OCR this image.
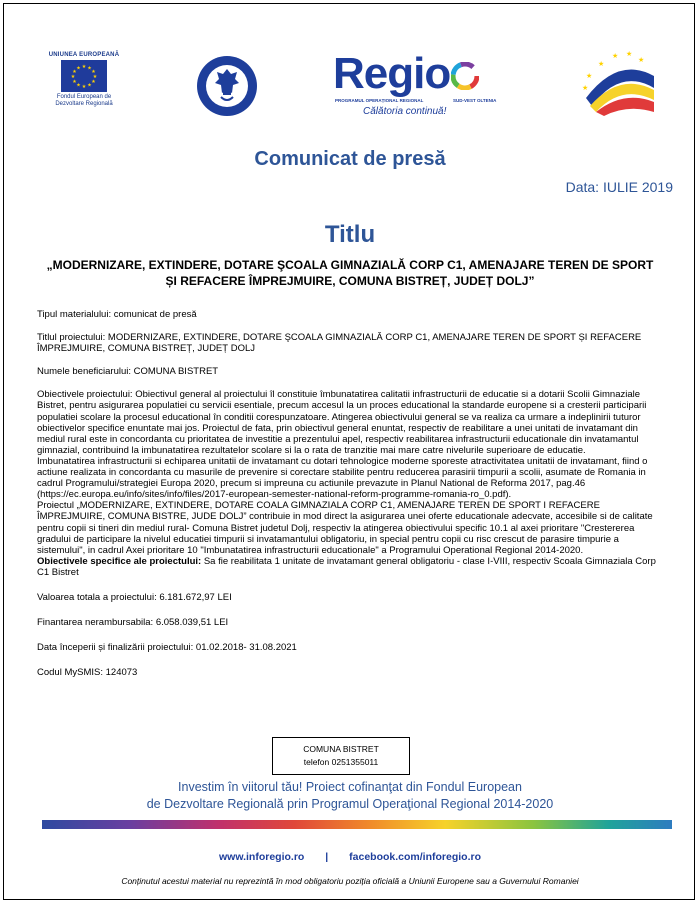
UNIUNEA EUROPEANĂ
★ ★
★
★
★
★
★
★
★
★
★
★
Fondul European de Dezvoltare Regională
Regio
PROGRAMUL OPERAȚIONAL REGIONAL	SUD-VEST OLTENIA
Călătoria continuă!
★
★ ★
★
★
★
Comunicat de presă
Data: IULIE 2019
Titlu
„MODERNIZARE, EXTINDERE, DOTARE ŞCOALA GIMNAZIALĂ CORP C1, AMENAJARE TEREN DE SPORT ȘI REFACERE ÎMPREJMUIRE, COMUNA BISTREȚ, JUDEȚ DOLJ”

Tipul materialului: comunicat de presă

Titlul proiectului: MODERNIZARE, EXTINDERE, DOTARE ŞCOALA GIMNAZIALĂ CORP C1, AMENAJARE TEREN DE SPORT ȘI REFACERE ÎMPREJMUIRE, COMUNA BISTREȚ, JUDEȚ DOLJ

Numele beneficiarului: COMUNA BISTRET

Obiectivele proiectului: Obiectivul general al proiectului îl constituie îmbunatatirea calitatii infrastructurii de educatie si a dotarii Scolii Gimnaziale Bistret, pentru asigurarea populatiei cu servicii esentiale, precum accesul la un proces educational la standarde europene si a cresterii participarii populatiei scolare la procesul educational în conditii corespunzatoare. Atingerea obiectivului general se va realiza ca urmare a indeplinirii tuturor obiectivelor specifice enuntate mai jos. Proiectul de fata, prin obiectivul general enuntat, respectiv de reabilitare a unei unitati de invatamant din mediul rural este in concordanta cu prioritatea de investitie a prezentului apel, respectiv reabilitarea infrastructurii educationale din invatamantul gimnazial, contribuind la imbunatatirea rezultatelor scolare si la o rata de tranzitie mai mare catre nivelurile superioare de educatie.

Imbunatatirea infrastructurii si echiparea unitatii de invatamant cu dotari tehnologice moderne sporeste atractivitatea unitatii de invatamant, fiind o actiune realizata in concordanta cu masurile de prevenire si corectare stabilite pentru reducerea parasirii timpurii a scolii, asumate de Romania in cadrul Programului/strategiei Europa 2020, precum si impreuna cu actiunile prevazute in Planul National de Reforma 2017, pag.46 (https://ec.europa.eu/info/sites/info/files/2017-european-semester-national-reform-programme-romania-ro_0.pdf).

Proiectul „MODERNIZARE, EXTINDERE, DOTARE COALA GIMNAZIALA CORP C1, AMENAJARE TEREN DE SPORT I REFACERE ÎMPREJMUIRE, COMUNA BISTRE, JUDE DOLJ” contribuie in mod direct la asigurarea unei oferte educationale adecvate, accesibile si de calitate pentru copii si tineri din mediul rural- Comuna Bistret judetul Dolj, respectiv la atingerea obiectivului specific 10.1 al axei prioritare "Crestererea gradului de participare la nivelul educatiei timpurii si invatamantului obligatoriu, in special pentru copii cu risc crescut de parasire timpurie a sistemului", in cadrul Axei prioritare 10 "Imbunatatirea infrastructurii educationale" a Programului Operational Regional 2014-2020.

Obiectivele specifice ale proiectului: Sa fie reabilitata 1 unitate de invatamant general obligatoriu - clase I-VIII, respectiv Scoala Gimnaziala Corp C1 Bistret

Valoarea totala a proiectului: 6.181.672,97 LEI

Finantarea nerambursabila: 6.058.039,51 LEI

Data începerii și finalizării proiectului: 01.02.2018- 31.08.2021

Codul MySMIS: 124073

COMUNA BISTRET
telefon 0251355011
Investim în viitorul tău! Proiect cofinanţat din Fondul European
de Dezvoltare Regională prin Programul Operaţional Regional 2014-2020
www.inforegio.ro | facebook.com/inforegio.ro
Conținutul acestui material nu reprezintă în mod obligatoriu poziția oficială a Uniunii Europene sau a Guvernului Romaniei
